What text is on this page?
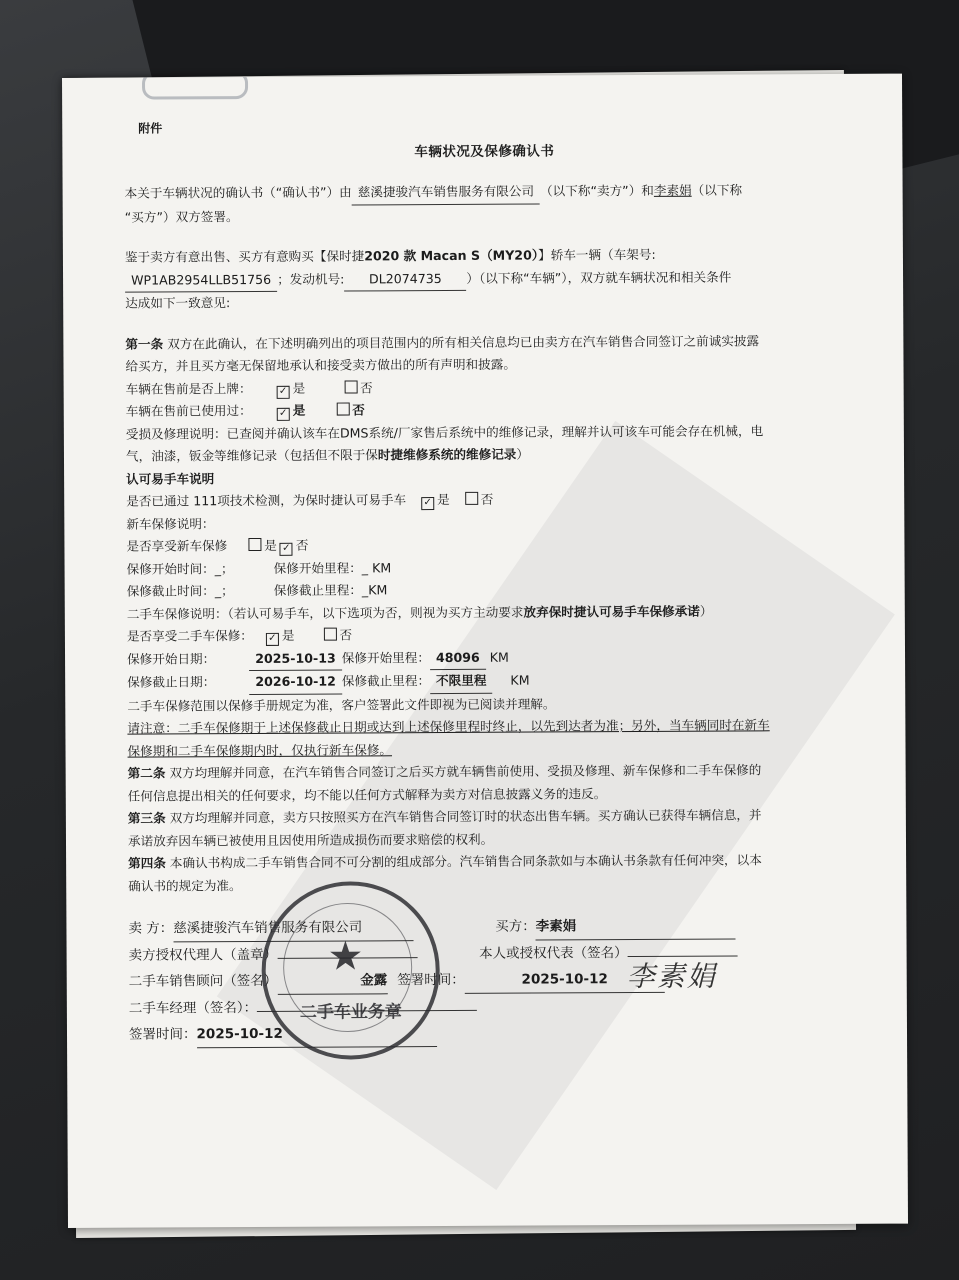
附件
车辆状况及保修确认书
本关于车辆状况的确认书（“确认书”）由 慈溪捷骏汽车销售服务有限公司 （以下称“卖方”）和李素娟（以下称
“买方”）双方签署。
鉴于卖方有意出售、买方有意购买【保时捷2020 款 Macan S（MY20）】轿车一辆（车架号:
WP1AB2954LLB51756 ；发动机号: DL2074735 ）（以下称“车辆”），双方就车辆状况和相关条件
达成如下一致意见:
第一条 双方在此确认，在下述明确列出的项目范围内的所有相关信息均已由卖方在汽车销售合同签订之前诚实披露
给买方，并且买方毫无保留地承认和接受卖方做出的所有声明和披露。
车辆在售前是否上牌： ✓	是	否
车辆在售前已使用过： ✓	是	否
受损及修理说明：已查阅并确认该车在DMS系统/厂家售后系统中的维修记录，理解并认可该车可能会存在机械，电
气，油漆，钣金等维修记录（包括但不限于保时捷维修系统的维修记录）
认可易手车说明
是否已通过 111项技术检测，为保时捷认可易手车 ✓ 是 否
新车保修说明：
是否享受新车保修	是 ✓ 否
保修开始时间：_；	保修开始里程：_ KM
保修截止时间：_；	保修截止里程：_KM
二手车保修说明：（若认可易手车，以下选项为否，则视为买方主动要求放弃保时捷认可易手车保修承诺）
是否享受二手车保修： ✓ 是	否
保修开始日期：	2025-10-13 保修开始里程： 48096 KM
保修截止日期：	2026-10-12 保修截止里程： 不限里程 KM
二手车保修范围以保修手册规定为准，客户签署此文件即视为已阅读并理解。
请注意：二手车保修期于上述保修截止日期或达到上述保修里程时终止，以先到达者为准；另外，当车辆同时在新车
保修期和二手车保修期内时，仅执行新车保修。
第二条 双方均理解并同意，在汽车销售合同签订之后买方就车辆售前使用、受损及修理、新车保修和二手车保修的
任何信息提出相关的任何要求，均不能以任何方式解释为卖方对信息披露义务的违反。
第三条 双方均理解并同意，卖方只按照买方在汽车销售合同签订时的状态出售车辆。买方确认已获得车辆信息，并
承诺放弃因车辆已被使用且因使用所造成损伤而要求赔偿的权利。
第四条 本确认书构成二手车销售合同不可分割的组成部分。汽车销售合同条款如与本确认书条款有任何冲突，以本
确认书的规定为准。
卖 方：慈溪捷骏汽车销售服务有限公司	买方：李素娟
卖方授权代理人（盖章）	本人或授权代表（签名）
二手车销售顾问（签名）	金露 签署时间：	2025-10-12
二手车经理（签名）：
签署时间：2025-10-12
★
二手车业务章
李素娟
